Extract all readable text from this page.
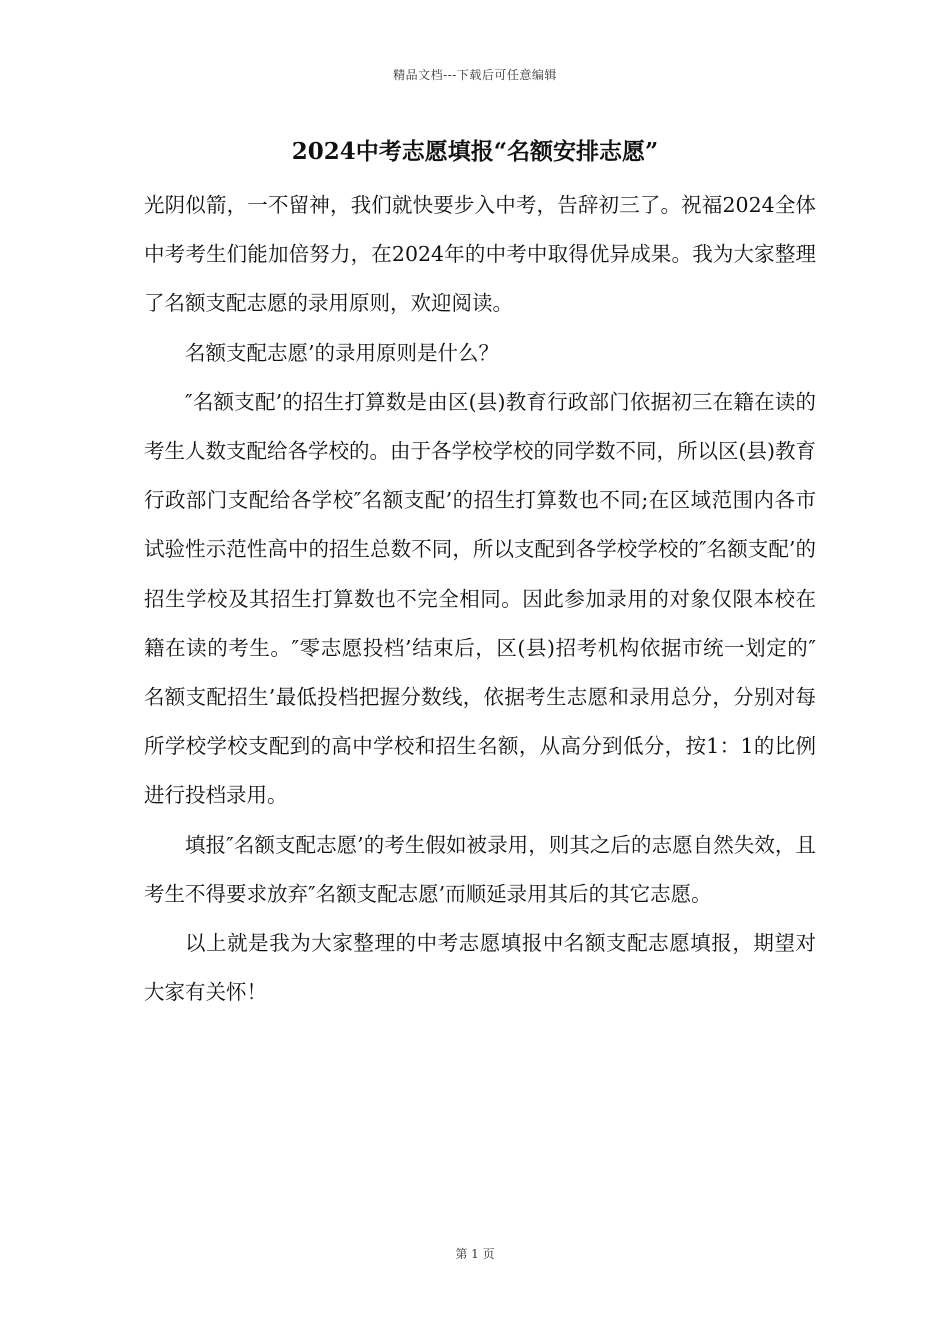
精品文档---下载后可任意编辑
2024中考志愿填报“名额安排志愿”

光阴似箭，一不留神，我们就快要步入中考，告辞初三了。祝福2024全体中考考生们能加倍努力，在2024年的中考中取得优异成果。我为大家整理了名额支配志愿的录用原则，欢迎阅读。

名额支配志愿’的录用原则是什么？

″名额支配’的招生打算数是由区(县)教育行政部门依据初三在籍在读的考生人数支配给各学校的。由于各学校学校的同学数不同，所以区(县)教育行政部门支配给各学校″名额支配’的招生打算数也不同;在区域范围内各市试验性示范性高中的招生总数不同，所以支配到各学校学校的″名额支配’的招生学校及其招生打算数也不完全相同。因此参加录用的对象仅限本校在籍在读的考生。″零志愿投档’结束后，区(县)招考机构依据市统一划定的″名额支配招生’最低投档把握分数线，依据考生志愿和录用总分，分别对每所学校学校支配到的高中学校和招生名额，从高分到低分，按1：1的比例进行投档录用。

填报″名额支配志愿’的考生假如被录用，则其之后的志愿自然失效，且考生不得要求放弃″名额支配志愿’而顺延录用其后的其它志愿。

以上就是我为大家整理的中考志愿填报中名额支配志愿填报，期望对大家有关怀！

第 1 页
